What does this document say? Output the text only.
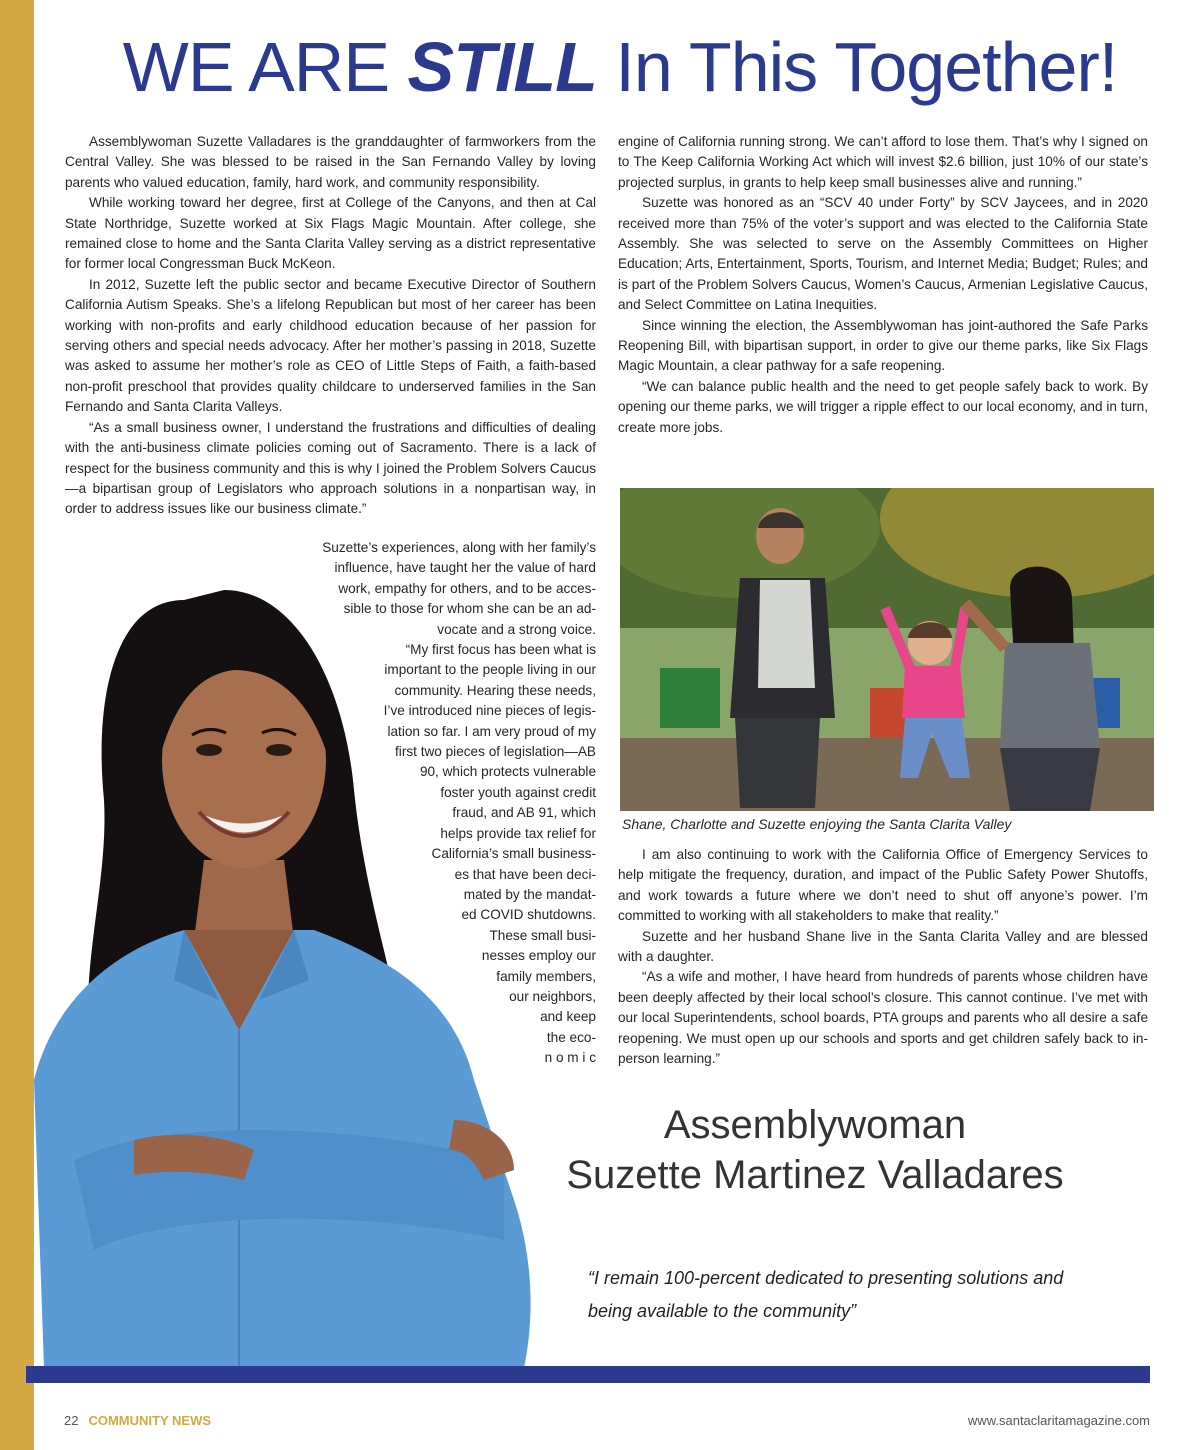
WE ARE STILL In This Together!

Assemblywoman Suzette Valladares is the granddaughter of farmworkers from the Central Valley. She was blessed to be raised in the San Fernando Valley by loving parents who valued education, family, hard work, and community responsibility.

While working toward her degree, first at College of the Canyons, and then at Cal State Northridge, Suzette worked at Six Flags Magic Mountain. After college, she remained close to home and the Santa Clarita Valley serving as a district representative for former local Congressman Buck McKeon.

In 2012, Suzette left the public sector and became Executive Director of Southern California Autism Speaks. She’s a lifelong Republican but most of her career has been working with non-profits and early childhood education because of her passion for serving others and special needs advocacy. After her mother’s passing in 2018, Suzette was asked to assume her mother’s role as CEO of Little Steps of Faith, a faith-based non-profit preschool that provides quality childcare to underserved families in the San Fernando and Santa Clarita Valleys.

“As a small business owner, I understand the frustrations and difficulties of dealing with the anti-business climate policies coming out of Sacramento. There is a lack of respect for the business community and this is why I joined the Problem Solvers Caucus—a bipartisan group of Legislators who approach solutions in a nonpartisan way, in order to address issues like our business climate.”

Suzette’s experiences, along with her family’s
influence, have taught her the value of hard
work, empathy for others, and to be acces-
sible to those for whom she can be an ad-
vocate and a strong voice.
“My first focus has been what is
important to the people living in our
community. Hearing these needs,
I’ve introduced nine pieces of legis-
lation so far. I am very proud of my
first two pieces of legislation—AB
90, which protects vulnerable
foster youth against credit
fraud, and AB 91, which
helps provide tax relief for
California’s small business-
es that have been deci-
mated by the mandat-
ed COVID shutdowns.
These small busi-
nesses employ our
family members,
our neighbors,
and keep
the eco-
n o m i c

engine of California running strong. We can’t afford to lose them. That’s why I signed on to The Keep California Working Act which will invest $2.6 billion, just 10% of our state’s projected surplus, in grants to help keep small businesses alive and running.”

Suzette was honored as an “SCV 40 under Forty” by SCV Jaycees, and in 2020 received more than 75% of the voter’s support and was elected to the California State Assembly. She was selected to serve on the Assembly Committees on Higher Education; Arts, Entertainment, Sports, Tourism, and Internet Media; Budget; Rules; and is part of the Problem Solvers Caucus, Women’s Caucus, Armenian Legislative Caucus, and Select Committee on Latina Inequities.

Since winning the election, the Assemblywoman has joint-authored the Safe Parks Reopening Bill, with bipartisan support, in order to give our theme parks, like Six Flags Magic Mountain, a clear pathway for a safe reopening.

“We can balance public health and the need to get people safely back to work. By opening our theme parks, we will trigger a ripple effect to our local economy, and in turn, create more jobs.

Shane, Charlotte and Suzette enjoying the Santa Clarita Valley

I am also continuing to work with the California Office of Emergency Services to help mitigate the frequency, duration, and impact of the Public Safety Power Shutoffs, and work towards a future where we don’t need to shut off anyone’s power. I’m committed to working with all stakeholders to make that reality.”

Suzette and her husband Shane live in the Santa Clarita Valley and are blessed with a daughter.

“As a wife and mother, I have heard from hundreds of parents whose children have been deeply affected by their local school’s closure. This cannot continue. I’ve met with our local Superintendents, school boards, PTA groups and parents who all desire a safe reopening. We must open up our schools and sports and get children safely back to in-person learning.”

Assemblywoman
Suzette Martinez Valladares
“I remain 100-percent dedicated to presenting solutions and being available to the community”
22 COMMUNITY NEWS	www.santaclaritamagazine.com
